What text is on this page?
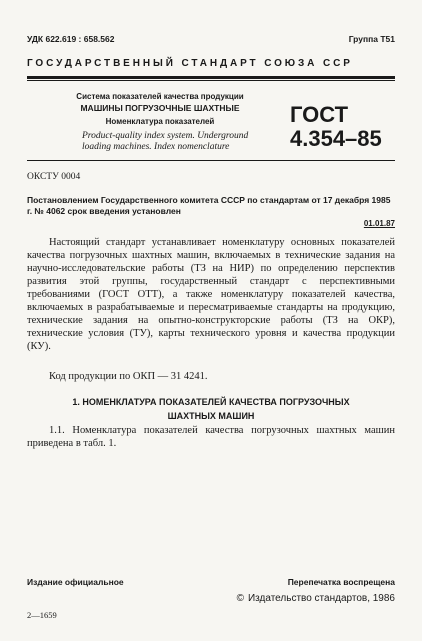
УДК 622.619 : 658.562	Группа Т51
ГОСУДАРСТВЕННЫЙ СТАНДАРТ СОЮЗА ССР
Система показателей качества продукции
МАШИНЫ ПОГРУЗОЧНЫЕ ШАХТНЫЕ
Номенклатура показателей
Product-quality index system. Underground
loading machines. Index nomenclature
ГОСТ
4.354–85
ОКСТУ 0004
Постановлением Государственного комитета СССР по стандартам от 17 декабря 1985 г. № 4062 срок введения установлен
01.01.87

Настоящий стандарт устанавливает номенклатуру основных показателей качества погрузочных шахтных машин, включаемых в технические задания на научно-исследовательские работы (ТЗ на НИР) по определению перспектив развития этой группы, государственный стандарт с перспективными требованиями (ГОСТ ОТТ), а также номенклатуру показателей качества, включаемых в разрабатываемые и пересматриваемые стандарты на продукцию, технические задания на опытно-конструкторские работы (ТЗ на ОКР), технические условия (ТУ), карты технического уровня и качества продукции (КУ).

Код продукции по ОКП — 31 4241.

1. НОМЕНКЛАТУРА ПОКАЗАТЕЛЕЙ КАЧЕСТВА ПОГРУЗОЧНЫХ
ШАХТНЫХ МАШИН

1.1. Номенклатура показателей качества погрузочных шахтных машин приведена в табл. 1.

Издание официальное	Перепечатка воспрещена
© Издательство стандартов, 1986
2—1659
